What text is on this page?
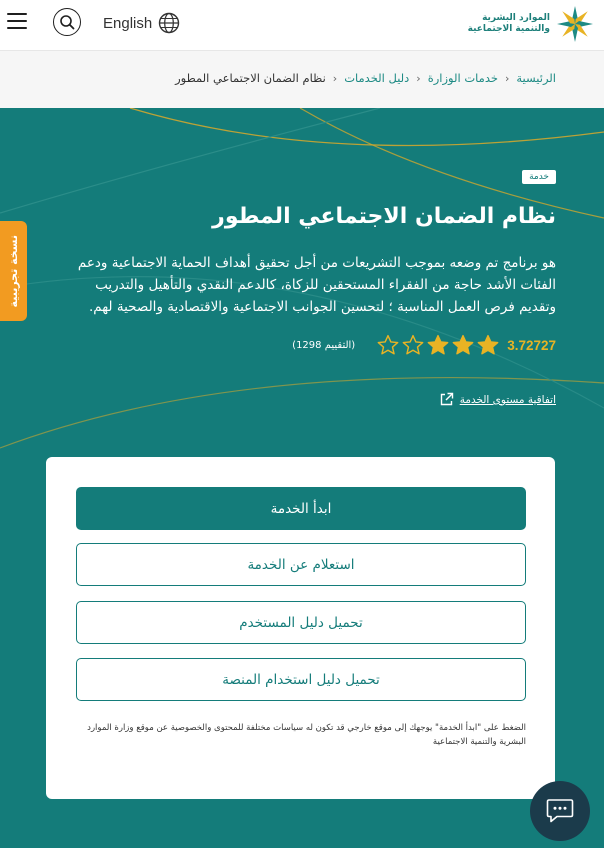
English	الموارد البشرية
والتنمية الاجتماعية
الرئيسية
‹
خدمات الوزارة
‹
دليل الخدمات
‹
نظام الضمان الاجتماعي المطور
خدمة
نظام الضمان الاجتماعي المطور

هو برنامج تم وضعه بموجب التشريعات من أجل تحقيق أهداف الحماية الاجتماعية ودعم الفئات الأشد حاجة من الفقراء المستحقين للزكاة، كالدعم النقدي والتأهيل والتدريب وتقديم فرص العمل المناسبة ؛ لتحسين الجوانب الاجتماعية والاقتصادية والصحية لهم.

3.72727
(التقييم 1298)
اتفاقية مستوى الخدمة
نسخة تجريبية
ابدأ الخدمة
استعلام عن الخدمة
تحميل دليل المستخدم
تحميل دليل استخدام المنصة

الضغط على "ابدأ الخدمة" يوجهك إلى موقع خارجي قد تكون له سياسات مختلفة للمحتوى والخصوصية عن موقع وزارة الموارد البشرية والتنمية الاجتماعية
